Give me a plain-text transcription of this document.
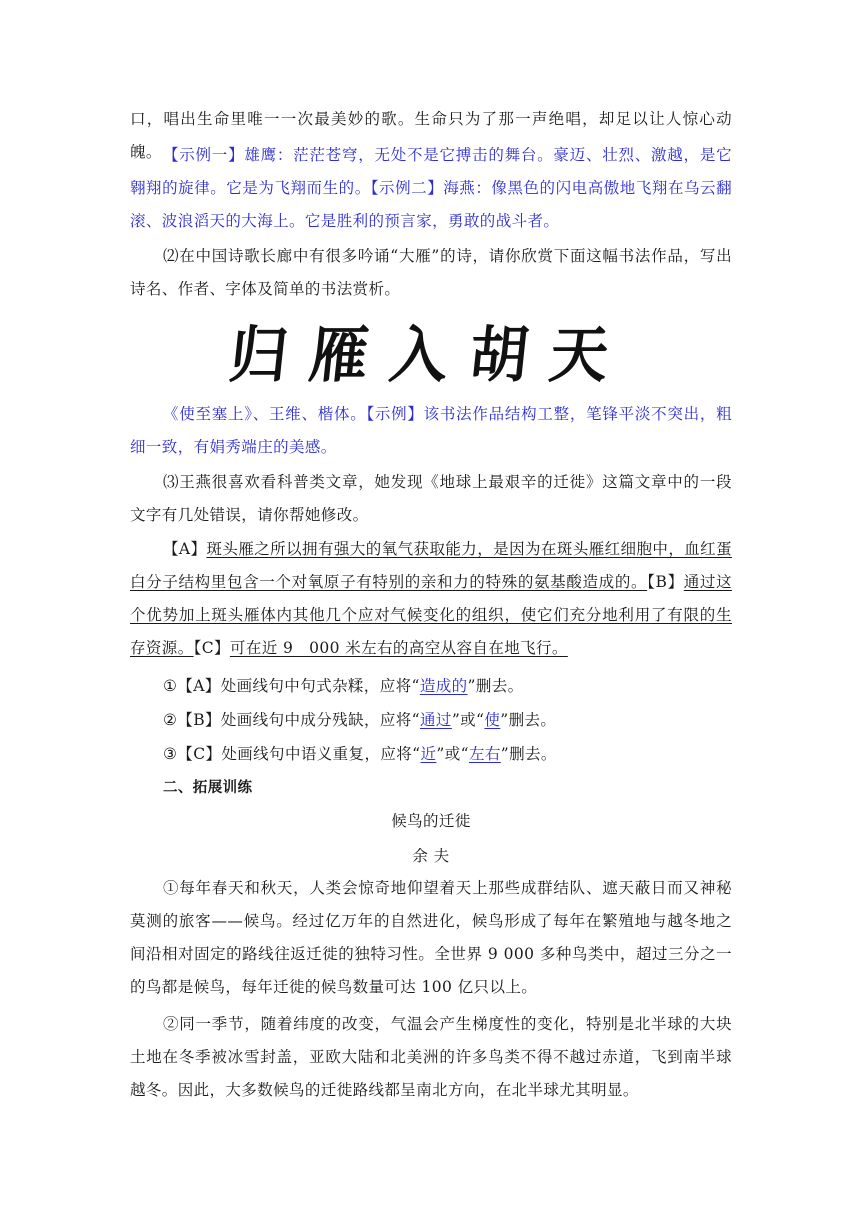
口，唱出生命里唯一一次最美妙的歌。生命只为了那一声绝唱，却足以让人惊心动魄。 【示例一】雄鹰：茫茫苍穹，无处不是它搏击的舞台。豪迈、壮烈、激越，是它翱翔的旋律。它是为飞翔而生的。【示例二】海燕：像黑色的闪电高傲地飞翔在乌云翻滚、波浪滔天的大海上。它是胜利的预言家，勇敢的战斗者。

⑵在中国诗歌长廊中有很多吟诵“大雁”的诗，请你欣赏下面这幅书法作品，写出诗名、作者、字体及简单的书法赏析。

归雁入胡天

《使至塞上》、王维、楷体。【示例】该书法作品结构工整，笔锋平淡不突出，粗细一致，有娟秀端庄的美感。

⑶王燕很喜欢看科普类文章，她发现《地球上最艰辛的迁徙》这篇文章中的一段文字有几处错误，请你帮她修改。

【A】斑头雁之所以拥有强大的氧气获取能力，是因为在斑头雁红细胞中，血红蛋白分子结构里包含一个对氧原子有特别的亲和力的特殊的氨基酸造成的。【B】通过这个优势加上斑头雁体内其他几个应对气候变化的组织，使它们充分地利用了有限的生存资源。【C】可在近 9　000 米左右的高空从容自在地飞行。

①【A】处画线句中句式杂糅，应将“造成的”删去。

②【B】处画线句中成分残缺，应将“通过”或“使”删去。

③【C】处画线句中语义重复，应将“近”或“左右”删去。

二、拓展训练

候鸟的迁徙

余 夫

①每年春天和秋天，人类会惊奇地仰望着天上那些成群结队、遮天蔽日而又神秘莫测的旅客——候鸟。经过亿万年的自然进化，候鸟形成了每年在繁殖地与越冬地之间沿相对固定的路线往返迁徙的独特习性。全世界 9 000 多种鸟类中，超过三分之一的鸟都是候鸟，每年迁徙的候鸟数量可达 100 亿只以上。

②同一季节，随着纬度的改变，气温会产生梯度性的变化，特别是北半球的大块土地在冬季被冰雪封盖，亚欧大陆和北美洲的许多鸟类不得不越过赤道，飞到南半球越冬。因此，大多数候鸟的迁徙路线都呈南北方向，在北半球尤其明显。
